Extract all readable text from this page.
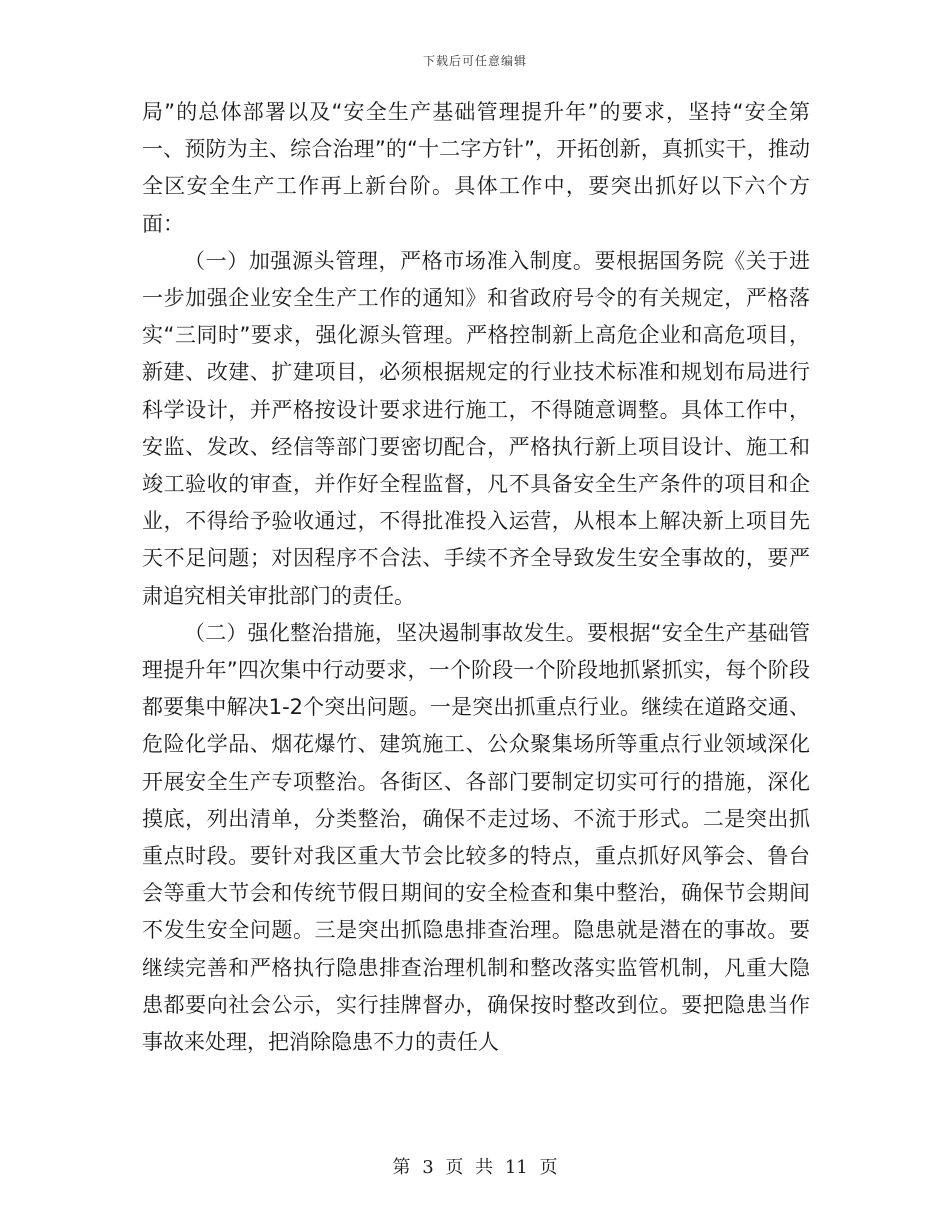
下载后可任意编辑

局”的总体部署以及“安全生产基础管理提升年”的要求，坚持“安全第一、预防为主、综合治理”的“十二字方针”，开拓创新，真抓实干，推动全区安全生产工作再上新台阶。具体工作中，要突出抓好以下六个方面：

（一）加强源头管理，严格市场准入制度。要根据国务院《关于进一步加强企业安全生产工作的通知》和省政府号令的有关规定，严格落实“三同时”要求，强化源头管理。严格控制新上高危企业和高危项目，新建、改建、扩建项目，必须根据规定的行业技术标准和规划布局进行科学设计，并严格按设计要求进行施工，不得随意调整。具体工作中，安监、发改、经信等部门要密切配合，严格执行新上项目设计、施工和竣工验收的审查，并作好全程监督，凡不具备安全生产条件的项目和企业，不得给予验收通过，不得批准投入运营，从根本上解决新上项目先天不足问题；对因程序不合法、手续不齐全导致发生安全事故的，要严肃追究相关审批部门的责任。

（二）强化整治措施，坚决遏制事故发生。要根据“安全生产基础管理提升年”四次集中行动要求，一个阶段一个阶段地抓紧抓实，每个阶段都要集中解决1-2个突出问题。一是突出抓重点行业。继续在道路交通、危险化学品、烟花爆竹、建筑施工、公众聚集场所等重点行业领域深化开展安全生产专项整治。各街区、各部门要制定切实可行的措施，深化摸底，列出清单，分类整治，确保不走过场、不流于形式。二是突出抓重点时段。要针对我区重大节会比较多的特点，重点抓好风筝会、鲁台会等重大节会和传统节假日期间的安全检查和集中整治，确保节会期间不发生安全问题。三是突出抓隐患排查治理。隐患就是潜在的事故。要继续完善和严格执行隐患排查治理机制和整改落实监管机制，凡重大隐患都要向社会公示，实行挂牌督办，确保按时整改到位。要把隐患当作事故来处理，把消除隐患不力的责任人

第 3 页 共 11 页
